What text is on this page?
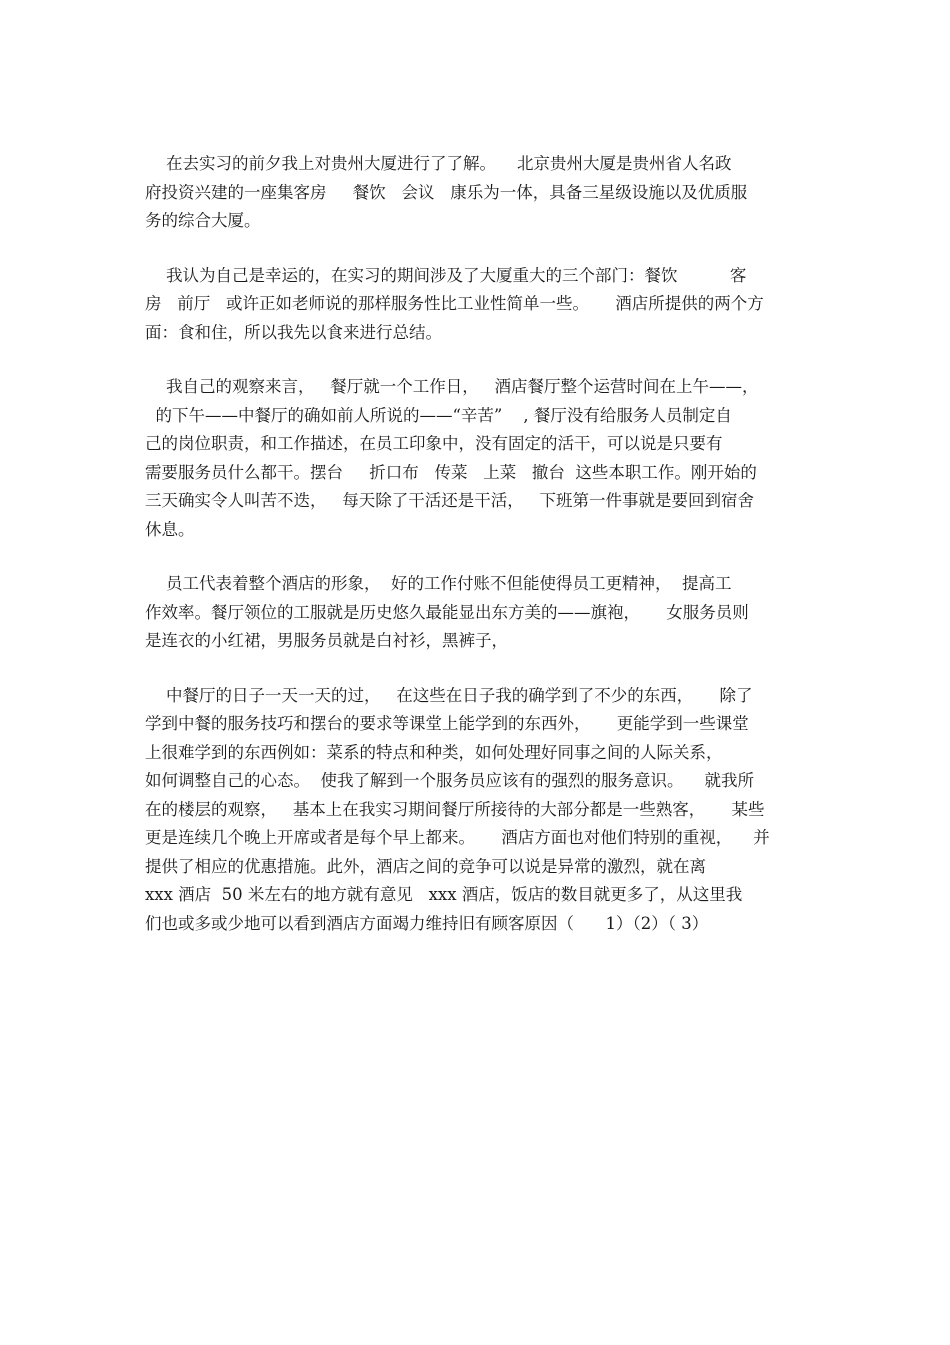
在去实习的前夕我上对贵州大厦进行了了解。    北京贵州大厦是贵州省人名政
府投资兴建的一座集客房     餐饮   会议   康乐为一体，具备三星级设施以及优质服
务的综合大厦。
我认为自己是幸运的，在实习的期间涉及了大厦重大的三个部门：餐饮          客
房   前厅   或许正如老师说的那样服务性比工业性简单一些。     酒店所提供的两个方
面：食和住，所以我先以食来进行总结。
我自己的观察来言，   餐厅就一个工作日，   酒店餐厅整个运营时间在上午——，
的下午——中餐厅的确如前人所说的——“辛苦”    , 餐厅没有给服务人员制定自
己的岗位职责，和工作描述，在员工印象中，没有固定的活干，可以说是只要有
需要服务员什么都干。摆台     折口布   传菜   上菜   撤台  这些本职工作。刚开始的
三天确实令人叫苦不迭，   每天除了干活还是干活，   下班第一件事就是要回到宿舍
休息。
员工代表着整个酒店的形象，  好的工作付账不但能使得员工更精神，  提高工
作效率。餐厅领位的工服就是历史悠久最能显出东方美的——旗袍，     女服务员则
是连衣的小红裙，男服务员就是白衬衫，黑裤子，
中餐厅的日子一天一天的过，   在这些在日子我的确学到了不少的东西，     除了
学到中餐的服务技巧和摆台的要求等课堂上能学到的东西外，     更能学到一些课堂
上很难学到的东西例如：菜系的特点和种类，如何处理好同事之间的人际关系，
如何调整自己的心态。  使我了解到一个服务员应该有的强烈的服务意识。    就我所
在的楼层的观察，   基本上在我实习期间餐厅所接待的大部分都是一些熟客，     某些
更是连续几个晚上开席或者是每个早上都来。     酒店方面也对他们特别的重视，    并
提供了相应的优惠措施。此外，酒店之间的竞争可以说是异常的激烈，就在离
xxx 酒店  50 米左右的地方就有意见   xxx 酒店，饭店的数目就更多了，从这里我
们也或多或少地可以看到酒店方面竭力维持旧有顾客原因（      1）（2）（ 3）
